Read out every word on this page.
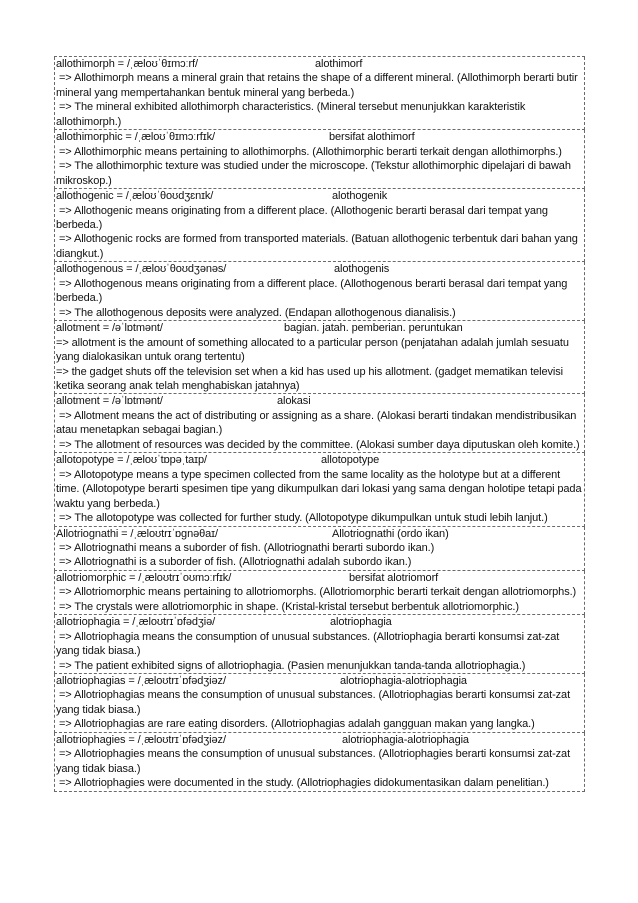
allothimorph = /ˌæloʊˈθɪmɔːrf/	alothimorf
=> Allothimorph means a mineral grain that retains the shape of a different mineral. (Allothimorph berarti butir mineral yang mempertahankan bentuk mineral yang berbeda.)
=> The mineral exhibited allothimorph characteristics. (Mineral tersebut menunjukkan karakteristik allothimorph.)
allothimorphic = /ˌæloʊˈθɪmɔːrfɪk/	bersifat alothimorf
=> Allothimorphic means pertaining to allothimorphs. (Allothimorphic berarti terkait dengan allothimorphs.)
=> The allothimorphic texture was studied under the microscope. (Tekstur allothimorphic dipelajari di bawah mikroskop.)
allothogenic = /ˌæloʊˈθoʊdʒɛnɪk/	alothogenik
=> Allothogenic means originating from a different place. (Allothogenic berarti berasal dari tempat yang berbeda.)
=> Allothogenic rocks are formed from transported materials. (Batuan allothogenic terbentuk dari bahan yang diangkut.)
allothogenous = /ˌæloʊˈθoʊdʒənəs/	alothogenis
=> Allothogenous means originating from a different place. (Allothogenous berarti berasal dari tempat yang berbeda.)
=> The allothogenous deposits were analyzed. (Endapan allothogenous dianalisis.)
allotment = /əˈlɒtmənt/	bagian. jatah. pemberian. peruntukan
=> allotment is the amount of something allocated to a particular person (penjatahan adalah jumlah sesuatu yang dialokasikan untuk orang tertentu)
=> the gadget shuts off the television set when a kid has used up his allotment. (gadget mematikan televisi ketika seorang anak telah menghabiskan jatahnya)
allotment = /əˈlɒtmənt/	alokasi
=> Allotment means the act of distributing or assigning as a share. (Alokasi berarti tindakan mendistribusikan atau menetapkan sebagai bagian.)
=> The allotment of resources was decided by the committee. (Alokasi sumber daya diputuskan oleh komite.)
allotopotype = /ˌæloʊˈtɒpəˌtaɪp/	allotopotype
=> Allotopotype means a type specimen collected from the same locality as the holotype but at a different time. (Allotopotype berarti spesimen tipe yang dikumpulkan dari lokasi yang sama dengan holotipe tetapi pada waktu yang berbeda.)
=> The allotopotype was collected for further study. (Allotopotype dikumpulkan untuk studi lebih lanjut.)
Allotriognathi = /ˌæloʊtrɪˈɒgnəθaɪ/	Allotriognathi (ordo ikan)
=> Allotriognathi means a suborder of fish. (Allotriognathi berarti subordo ikan.)
=> Allotriognathi is a suborder of fish. (Allotriognathi adalah subordo ikan.)
allotriomorphic = /ˌæloʊtrɪˈoʊmɔːrfɪk/	bersifat alotriomorf
=> Allotriomorphic means pertaining to allotriomorphs. (Allotriomorphic berarti terkait dengan allotriomorphs.)
=> The crystals were allotriomorphic in shape. (Kristal-kristal tersebut berbentuk allotriomorphic.)
allotriophagia = /ˌæloʊtrɪˈɒfədʒiə/	alotriophagia
=> Allotriophagia means the consumption of unusual substances. (Allotriophagia berarti konsumsi zat-zat yang tidak biasa.)
=> The patient exhibited signs of allotriophagia. (Pasien menunjukkan tanda-tanda allotriophagia.)
allotriophagias = /ˌæloʊtrɪˈɒfədʒiəz/	alotriophagia-alotriophagia
=> Allotriophagias means the consumption of unusual substances. (Allotriophagias berarti konsumsi zat-zat yang tidak biasa.)
=> Allotriophagias are rare eating disorders. (Allotriophagias adalah gangguan makan yang langka.)
allotriophagies = /ˌæloʊtrɪˈɒfədʒiəz/	alotriophagia-alotriophagia
=> Allotriophagies means the consumption of unusual substances. (Allotriophagies berarti konsumsi zat-zat yang tidak biasa.)
=> Allotriophagies were documented in the study. (Allotriophagies didokumentasikan dalam penelitian.)
